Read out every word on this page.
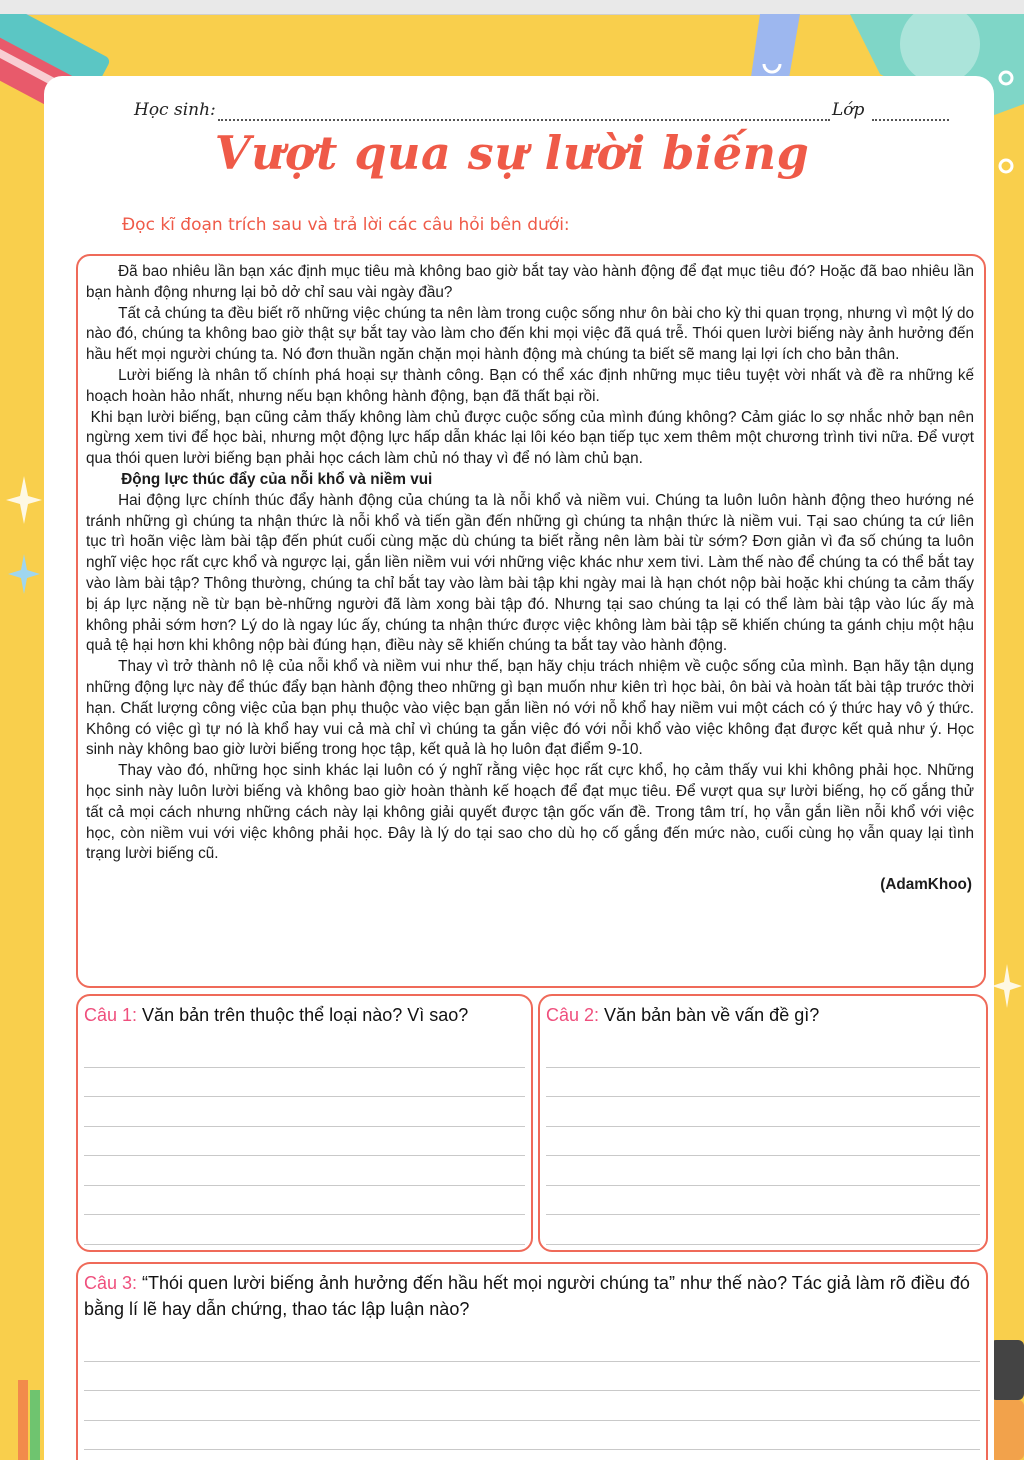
Học sinh:	Lớp
Vượt qua sự lười biếng
Đọc kĩ đoạn trích sau và trả lời các câu hỏi bên dưới:

Đã bao nhiêu lần bạn xác định mục tiêu mà không bao giờ bắt tay vào hành động để đạt mục tiêu đó? Hoặc đã bao nhiêu lần bạn hành động nhưng lại bỏ dở chỉ sau vài ngày đầu?

Tất cả chúng ta đều biết rõ những việc chúng ta nên làm trong cuộc sống như ôn bài cho kỳ thi quan trọng, nhưng vì một lý do nào đó, chúng ta không bao giờ thật sự bắt tay vào làm cho đến khi mọi việc đã quá trễ. Thói quen lười biếng này ảnh hưởng đến hầu hết mọi người chúng ta. Nó đơn thuần ngăn chặn mọi hành động mà chúng ta biết sẽ mang lại lợi ích cho bản thân.

Lười biếng là nhân tố chính phá hoại sự thành công. Bạn có thể xác định những mục tiêu tuyệt vời nhất và đề ra những kế hoạch hoàn hảo nhất, nhưng nếu bạn không hành động, bạn đã thất bại rồi.

Khi bạn lười biếng, bạn cũng cảm thấy không làm chủ được cuộc sống của mình đúng không? Cảm giác lo sợ nhắc nhở bạn nên ngừng xem tivi để học bài, nhưng một động lực hấp dẫn khác lại lôi kéo bạn tiếp tục xem thêm một chương trình tivi nữa. Để vượt qua thói quen lười biếng bạn phải học cách làm chủ nó thay vì để nó làm chủ bạn.

Động lực thúc đẩy của nỗi khổ và niềm vui

Hai động lực chính thúc đẩy hành động của chúng ta là nỗi khổ và niềm vui. Chúng ta luôn luôn hành động theo hướng né tránh những gì chúng ta nhận thức là nỗi khổ và tiến gần đến những gì chúng ta nhận thức là niềm vui. Tại sao chúng ta cứ liên tục trì hoãn việc làm bài tập đến phút cuối cùng mặc dù chúng ta biết rằng nên làm bài từ sớm? Đơn giản vì đa số chúng ta luôn nghĩ việc học rất cực khổ và ngược lại, gắn liền niềm vui với những việc khác như xem tivi. Làm thế nào để chúng ta có thể bắt tay vào làm bài tập? Thông thường, chúng ta chỉ bắt tay vào làm bài tập khi ngày mai là hạn chót nộp bài hoặc khi chúng ta cảm thấy bị áp lực nặng nề từ bạn bè-những người đã làm xong bài tập đó. Nhưng tại sao chúng ta lại có thể làm bài tập vào lúc ấy mà không phải sớm hơn? Lý do là ngay lúc ấy, chúng ta nhận thức được việc không làm bài tập sẽ khiến chúng ta gánh chịu một hậu quả tệ hại hơn khi không nộp bài đúng hạn, điều này sẽ khiến chúng ta bắt tay vào hành động.

Thay vì trở thành nô lệ của nỗi khổ và niềm vui như thế, bạn hãy chịu trách nhiệm về cuộc sống của mình. Bạn hãy tận dụng những động lực này để thúc đẩy bạn hành động theo những gì bạn muốn như kiên trì học bài, ôn bài và hoàn tất bài tập trước thời hạn. Chất lượng công việc của bạn phụ thuộc vào việc bạn gắn liền nó với nỗ khổ hay niềm vui một cách có ý thức hay vô ý thức. Không có việc gì tự nó là khổ hay vui cả mà chỉ vì chúng ta gắn việc đó với nỗi khổ vào việc không đạt được kết quả như ý. Học sinh này không bao giờ lười biếng trong học tập, kết quả là họ luôn đạt điểm 9-10.

Thay vào đó, những học sinh khác lại luôn có ý nghĩ rằng việc học rất cực khổ, họ cảm thấy vui khi không phải học. Những học sinh này luôn lười biếng và không bao giờ hoàn thành kế hoạch để đạt mục tiêu. Để vượt qua sự lười biếng, họ cố gắng thử tất cả mọi cách nhưng những cách này lại không giải quyết được tận gốc vấn đề. Trong tâm trí, họ vẫn gắn liền nỗi khổ với việc học, còn niềm vui với việc không phải học. Đây là lý do tại sao cho dù họ cố gắng đến mức nào, cuối cùng họ vẫn quay lại tình trạng lười biếng cũ.

(AdamKhoo)

Câu 1: Văn bản trên thuộc thể loại nào? Vì sao?	Câu 2: Văn bản bàn về vấn đề gì?
Câu 3: “Thói quen lười biếng ảnh hưởng đến hầu hết mọi người chúng ta” như thế nào? Tác giả làm rõ điều đó bằng lí lẽ hay dẫn chứng, thao tác lập luận nào?
